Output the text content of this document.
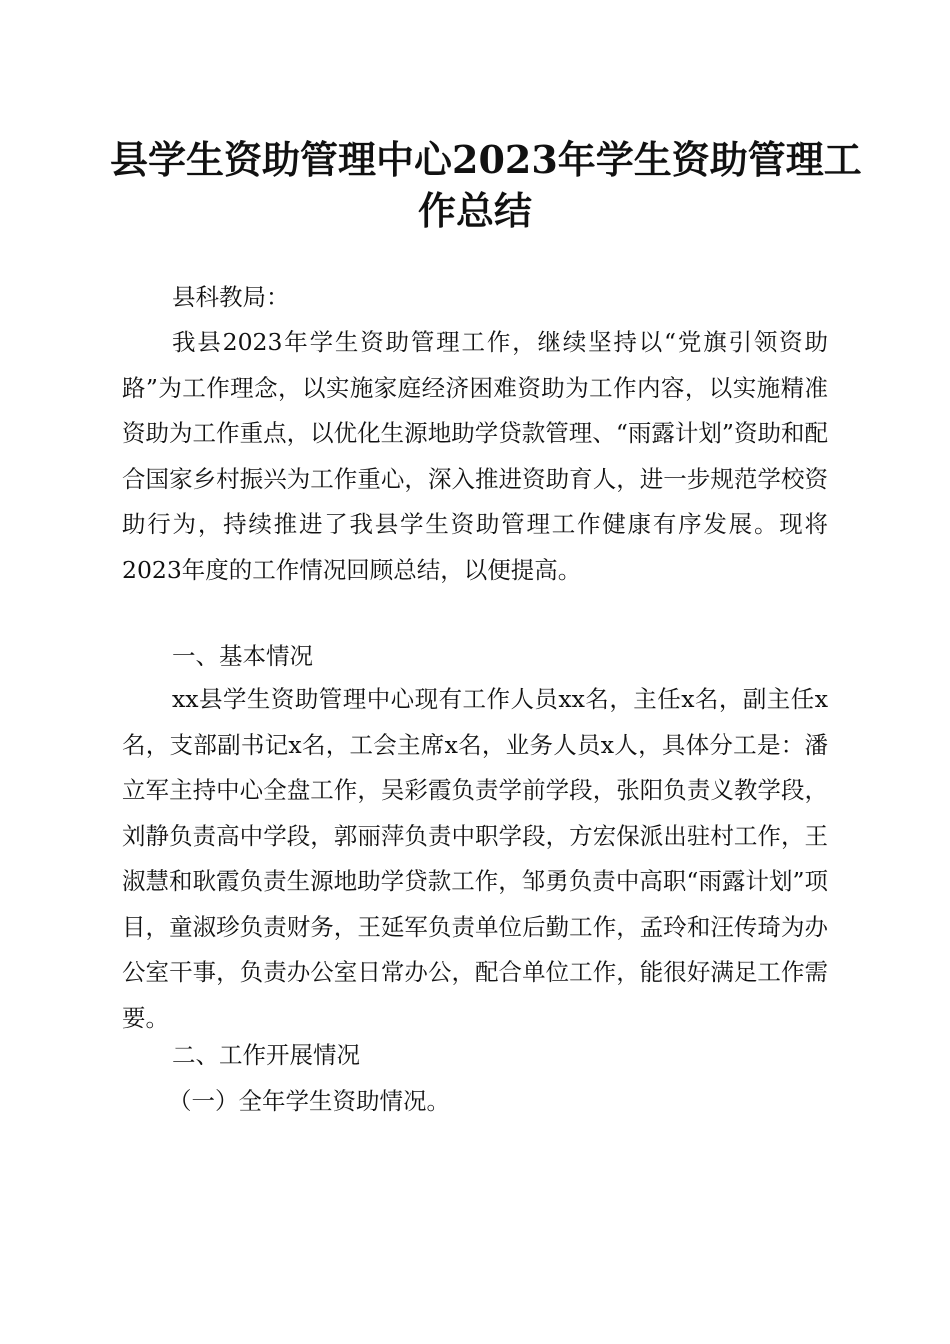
县学生资助管理中心2023年学生资助管理工
作总结

县科教局：

我县2023年学生资助管理工作，继续坚持以“党旗引领资助路”为工作理念，以实施家庭经济困难资助为工作内容，以实施精准资助为工作重点，以优化生源地助学贷款管理、“雨露计划”资助和配合国家乡村振兴为工作重心，深入推进资助育人，进一步规范学校资助行为，持续推进了我县学生资助管理工作健康有序发展。现将2023年度的工作情况回顾总结，以便提高。

一、基本情况

xx县学生资助管理中心现有工作人员xx名，主任x名，副主任x名，支部副书记x名，工会主席x名，业务人员x人，具体分工是：潘立军主持中心全盘工作，吴彩霞负责学前学段，张阳负责义教学段，刘静负责高中学段，郭丽萍负责中职学段，方宏保派出驻村工作，王淑慧和耿霞负责生源地助学贷款工作，邹勇负责中高职“雨露计划”项目，童淑珍负责财务，王延军负责单位后勤工作，孟玲和汪传琦为办公室干事，负责办公室日常办公，配合单位工作，能很好满足工作需要。

二、工作开展情况

（一）全年学生资助情况。
